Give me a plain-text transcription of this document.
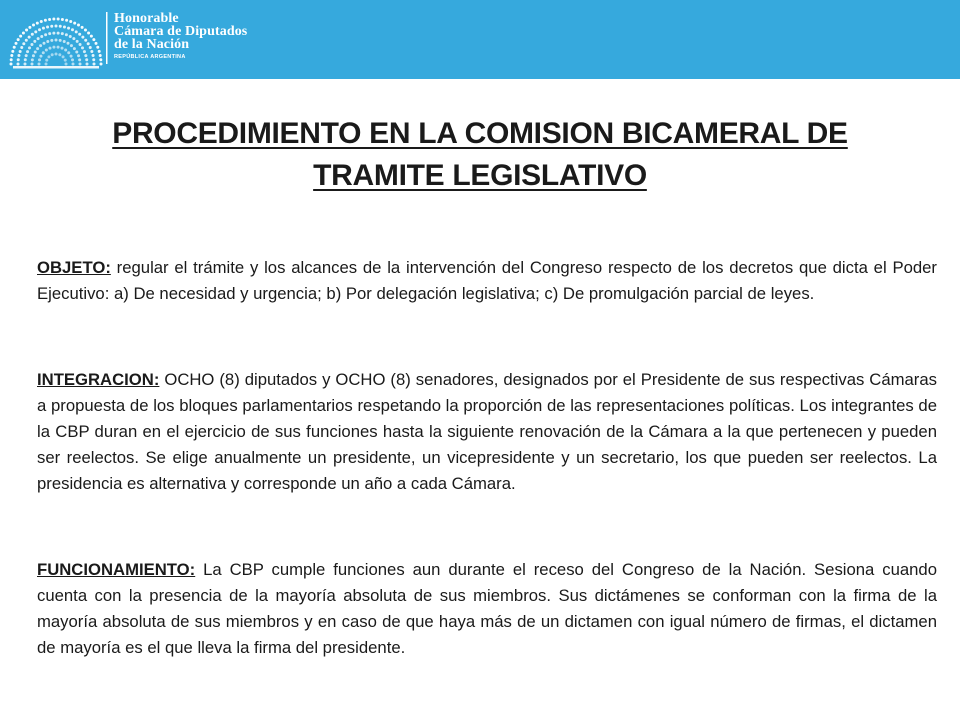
Honorable
Cámara de Diputados
de la Nación
REPÚBLICA ARGENTINA
PROCEDIMIENTO EN LA COMISION BICAMERAL DE
TRAMITE LEGISLATIVO
OBJETO: regular el trámite y los alcances de la intervención del Congreso respecto de los decretos que dicta el Poder Ejecutivo: a) De necesidad y urgencia; b) Por delegación legislativa; c) De promulgación parcial de leyes.
INTEGRACION: OCHO (8) diputados y OCHO (8) senadores, designados por el Presidente de sus respectivas Cámaras a propuesta de los bloques parlamentarios respetando la proporción de las representaciones políticas. Los integrantes de la CBP duran en el ejercicio de sus funciones hasta la siguiente renovación de la Cámara a la que pertenecen y pueden ser reelectos. Se elige anualmente un presidente, un vicepresidente y un secretario, los que pueden ser reelectos. La presidencia es alternativa y corresponde un año a cada Cámara.
FUNCIONAMIENTO: La CBP cumple funciones aun durante el receso del Congreso de la Nación. Sesiona cuando cuenta con la presencia de la mayoría absoluta de sus miembros. Sus dictámenes se conforman con la firma de la mayoría absoluta de sus miembros y en caso de que haya más de un dictamen con igual número de firmas, el dictamen de mayoría es el que lleva la firma del presidente.
